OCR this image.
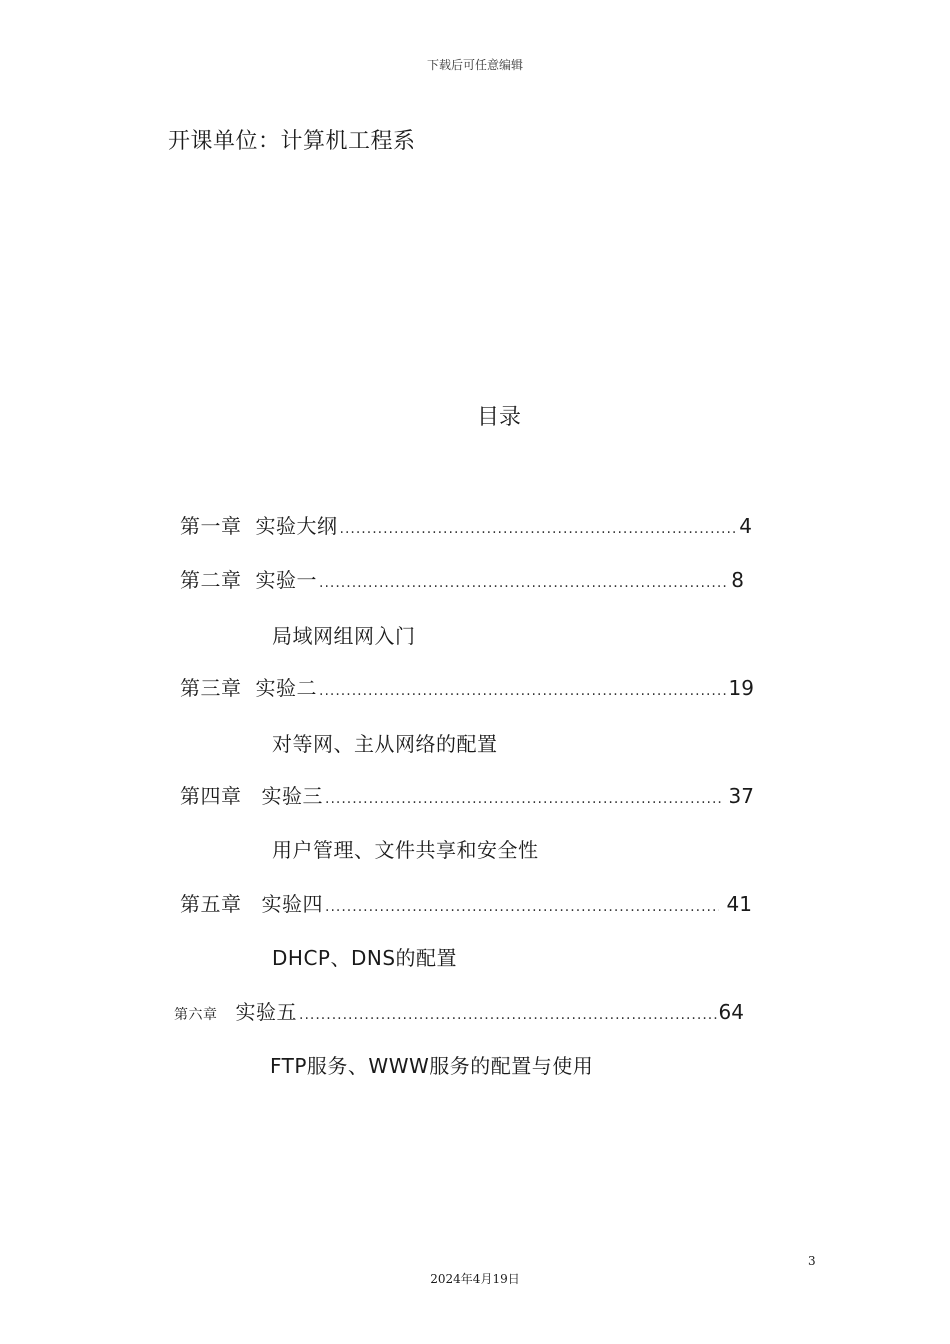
下载后可任意编辑
开课单位：计算机工程系
目录
第一章 实验大纲 .....	4
第二章 实验一 .....	8
局域网组网入门
第三章 实验二 .....	19
对等网、主从网络的配置
第四章 实验三 .....	37
用户管理、文件共享和安全性
第五章 实验四 .....	41
DHCP、DNS的配置
第六章 实验五 .....	64
FTP服务、WWW服务的配置与使用
3
2024年4月19日
